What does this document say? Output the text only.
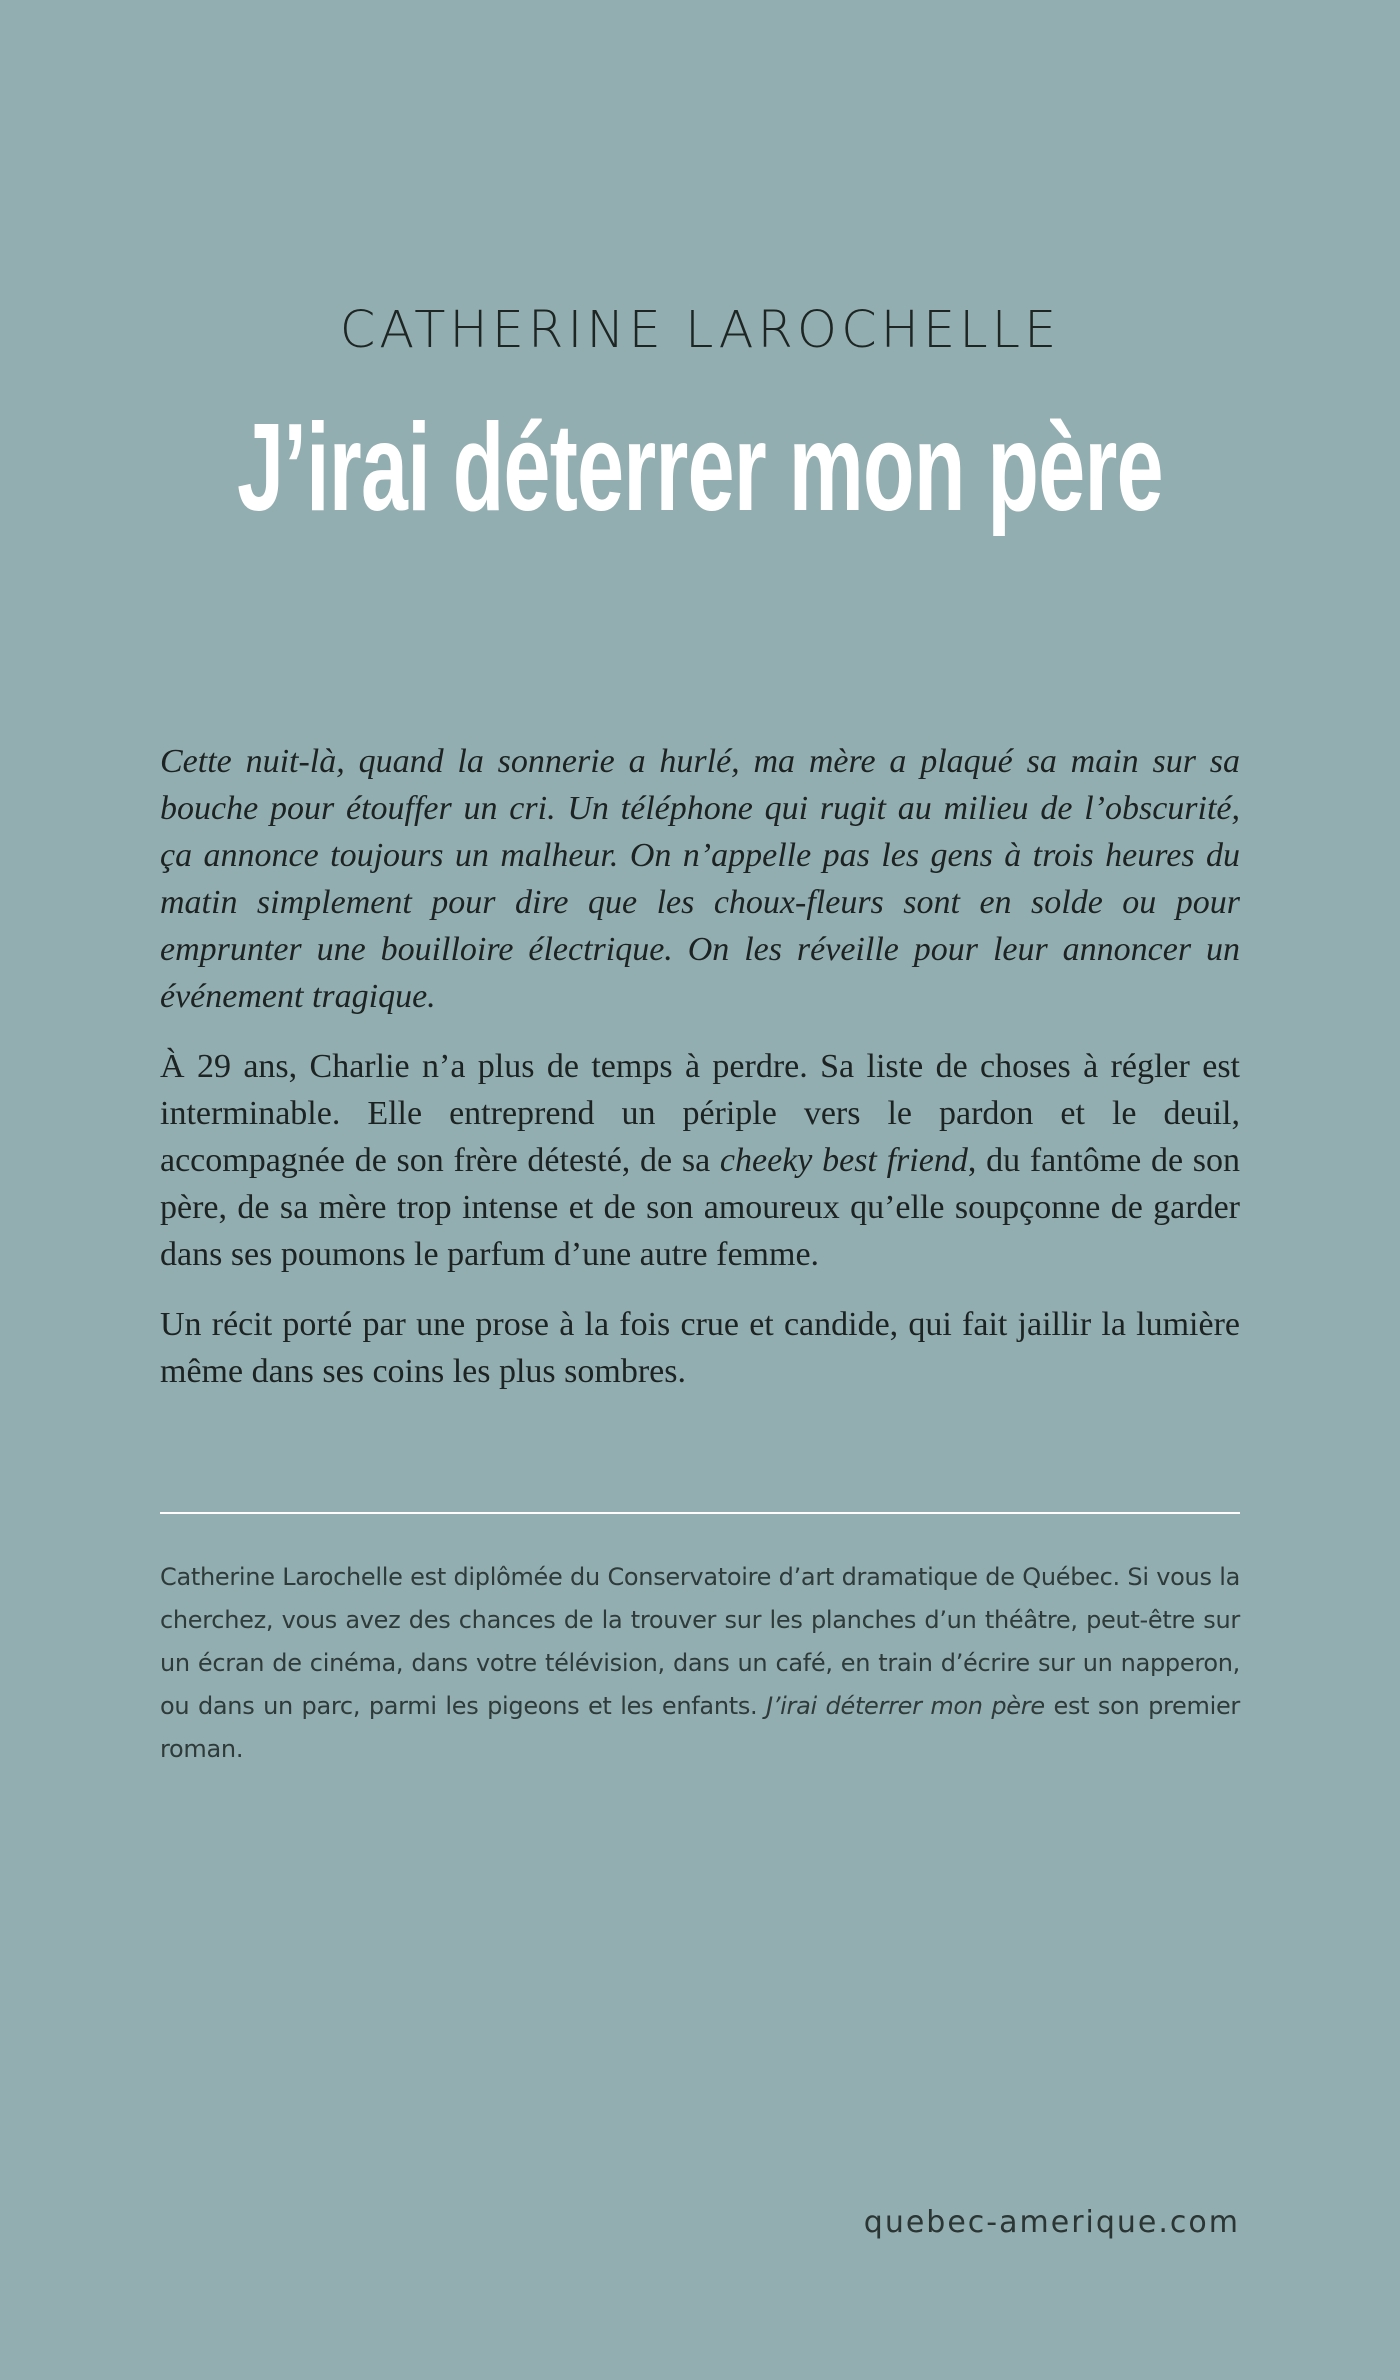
CATHERINE LAROCHELLE
J’irai déterrer mon père

Cette nuit-là, quand la sonnerie a hurlé, ma mère a plaqué sa main sur sa bouche pour étouffer un cri. Un téléphone qui rugit au milieu de l’obscurité, ça annonce toujours un malheur. On n’appelle pas les gens à trois heures du matin simplement pour dire que les choux-fleurs sont en solde ou pour emprunter une bouilloire électrique. On les réveille pour leur annoncer un événement tragique.

À 29 ans, Charlie n’a plus de temps à perdre. Sa liste de choses à régler est interminable. Elle entreprend un périple vers le pardon et le deuil, accompagnée de son frère détesté, de sa cheeky best friend, du fantôme de son père, de sa mère trop intense et de son amoureux qu’elle soupçonne de garder dans ses poumons le parfum d’une autre femme.

Un récit porté par une prose à la fois crue et candide, qui fait jaillir la lumière même dans ses coins les plus sombres.

Catherine Larochelle est diplômée du Conservatoire d’art dramatique de Québec. Si vous la cherchez, vous avez des chances de la trouver sur les planches d’un théâtre, peut-être sur un écran de cinéma, dans votre télévision, dans un café, en train d’écrire sur un napperon, ou dans un parc, parmi les pigeons et les enfants. J’irai déterrer mon père est son premier roman.
quebec-amerique.com
